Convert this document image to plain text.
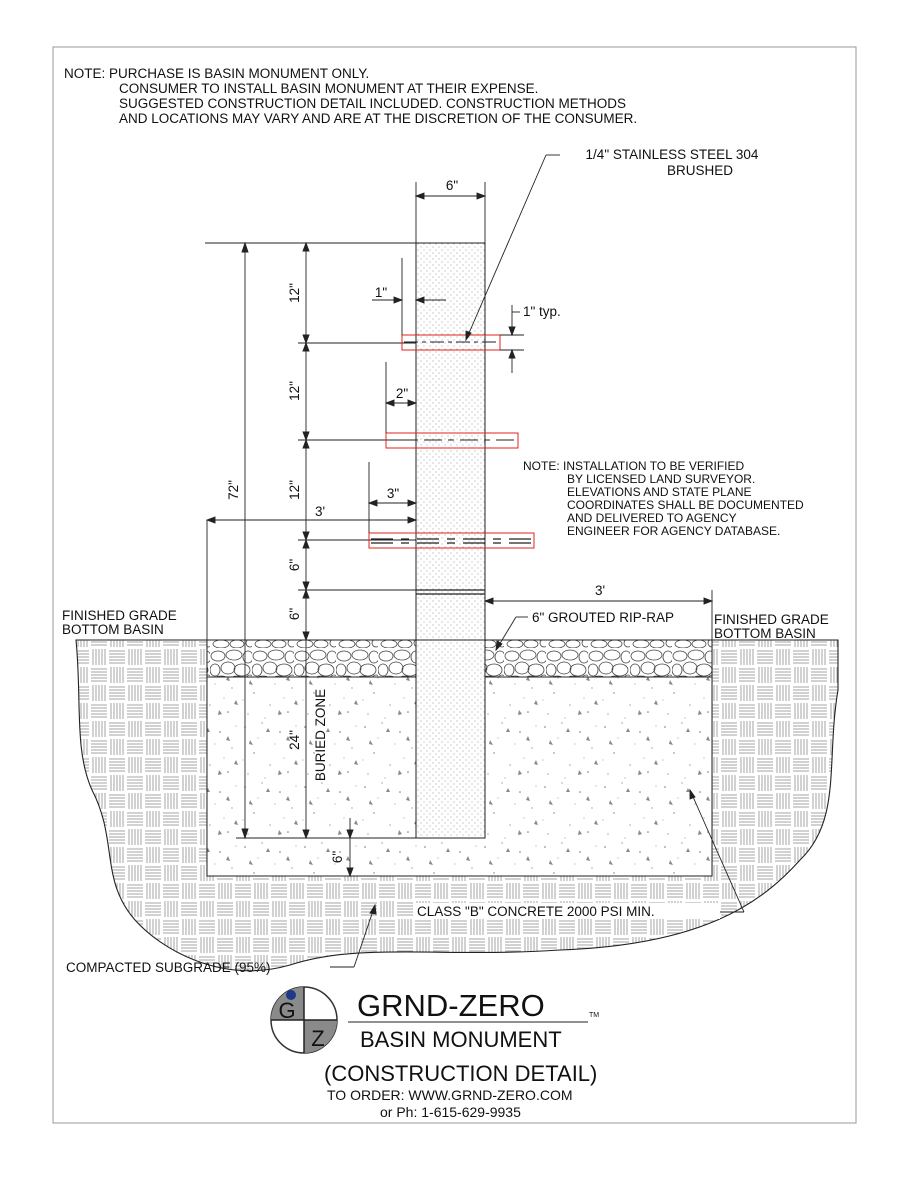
NOTE: PURCHASE IS BASIN MONUMENT ONLY.
CONSUMER TO INSTALL BASIN MONUMENT AT THEIR EXPENSE.
SUGGESTED CONSTRUCTION DETAIL INCLUDED. CONSTRUCTION METHODS
AND LOCATIONS MAY VARY AND ARE AT THE DISCRETION OF THE CONSUMER.
6"
72"
12"
12"
12"
6"
6"
24" BURIED ZONE
6"
1"
2"
3"
3'
3'
1" typ.
1/4" STAINLESS STEEL 304
BRUSHED
NOTE: INSTALLATION TO BE VERIFIED
BY LICENSED LAND SURVEYOR.
ELEVATIONS AND STATE PLANE
COORDINATES SHALL BE DOCUMENTED
AND DELIVERED TO AGENCY
ENGINEER FOR AGENCY DATABASE.
6" GROUTED RIP-RAP
FINISHED GRADE
BOTTOM BASIN
FINISHED GRADE
BOTTOM BASIN
CLASS "B" CONCRETE 2000 PSI MIN.
COMPACTED SUBGRADE (95%)
G
Z
GRND-ZERO	TM
BASIN MONUMENT
(CONSTRUCTION DETAIL)
TO ORDER: WWW.GRND-ZERO.COM
or Ph: 1-615-629-9935
